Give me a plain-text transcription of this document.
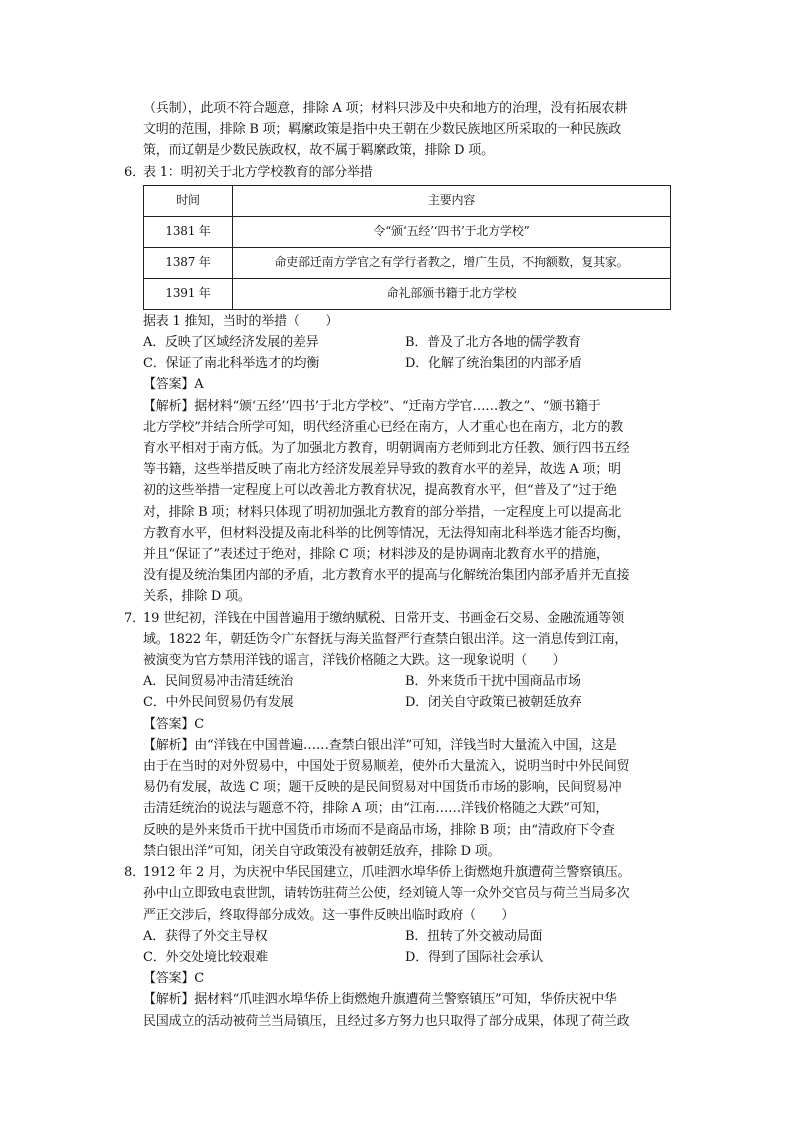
（兵制），此项不符合题意，排除 A 项；材料只涉及中央和地方的治理，没有拓展农耕

文明的范围，排除 B 项；羁縻政策是指中央王朝在少数民族地区所采取的一种民族政

策，而辽朝是少数民族政权，故不属于羁縻政策，排除 D 项。

6．表 1：明初关于北方学校教育的部分举措

时间	主要内容
1381 年	令“颁‘五经’‘四书’于北方学校”
1387 年	命吏部迁南方学官之有学行者教之，增广生员，不拘额数，复其家。
1391 年	命礼部颁书籍于北方学校

据表 1 推知，当时的举措（　　）

A．反映了区域经济发展的差异	B．普及了北方各地的儒学教育
C．保证了南北科举选才的均衡	D．化解了统治集团的内部矛盾

【答案】A

【解析】据材料“颁‘五经’‘四书’于北方学校”、“迁南方学官……教之”、“颁书籍于

北方学校”并结合所学可知，明代经济重心已经在南方，人才重心也在南方，北方的教

育水平相对于南方低。为了加强北方教育，明朝调南方老师到北方任教、颁行四书五经

等书籍，这些举措反映了南北方经济发展差异导致的教育水平的差异，故选 A 项；明

初的这些举措一定程度上可以改善北方教育状况，提高教育水平，但“普及了”过于绝

对，排除 B 项；材料只体现了明初加强北方教育的部分举措，一定程度上可以提高北

方教育水平，但材料没提及南北科举的比例等情况，无法得知南北科举选才能否均衡，

并且“保证了”表述过于绝对，排除 C 项；材料涉及的是协调南北教育水平的措施，

没有提及统治集团内部的矛盾，北方教育水平的提高与化解统治集团内部矛盾并无直接

关系，排除 D 项。

7．19 世纪初，洋钱在中国普遍用于缴纳赋税、日常开支、书画金石交易、金融流通等领

域。1822 年，朝廷饬令广东督抚与海关监督严行查禁白银出洋。这一消息传到江南，

被演变为官方禁用洋钱的谣言，洋钱价格随之大跌。这一现象说明（　　）

A．民间贸易冲击清廷统治	B．外来货币干扰中国商品市场
C．中外民间贸易仍有发展	D．闭关自守政策已被朝廷放弃

【答案】C

【解析】由“洋钱在中国普遍……查禁白银出洋”可知，洋钱当时大量流入中国，这是

由于在当时的对外贸易中，中国处于贸易顺差，使外币大量流入，说明当时中外民间贸

易仍有发展，故选 C 项；题干反映的是民间贸易对中国货币市场的影响，民间贸易冲

击清廷统治的说法与题意不符，排除 A 项；由“江南……洋钱价格随之大跌”可知，

反映的是外来货币干扰中国货币市场而不是商品市场，排除 B 项；由“清政府下令查

禁白银出洋”可知，闭关自守政策没有被朝廷放弃，排除 D 项。

8．1912 年 2 月，为庆祝中华民国建立，爪哇泗水埠华侨上街燃炮升旗遭荷兰警察镇压。

孙中山立即致电袁世凯，请转饬驻荷兰公使，经刘镜人等一众外交官员与荷兰当局多次

严正交涉后，终取得部分成效。这一事件反映出临时政府（　　）

A．获得了外交主导权	B．扭转了外交被动局面
C．外交处境比较艰难	D．得到了国际社会承认

【答案】C

【解析】据材料“爪哇泗水埠华侨上街燃炮升旗遭荷兰警察镇压”可知，华侨庆祝中华

民国成立的活动被荷兰当局镇压，且经过多方努力也只取得了部分成果，体现了荷兰政
